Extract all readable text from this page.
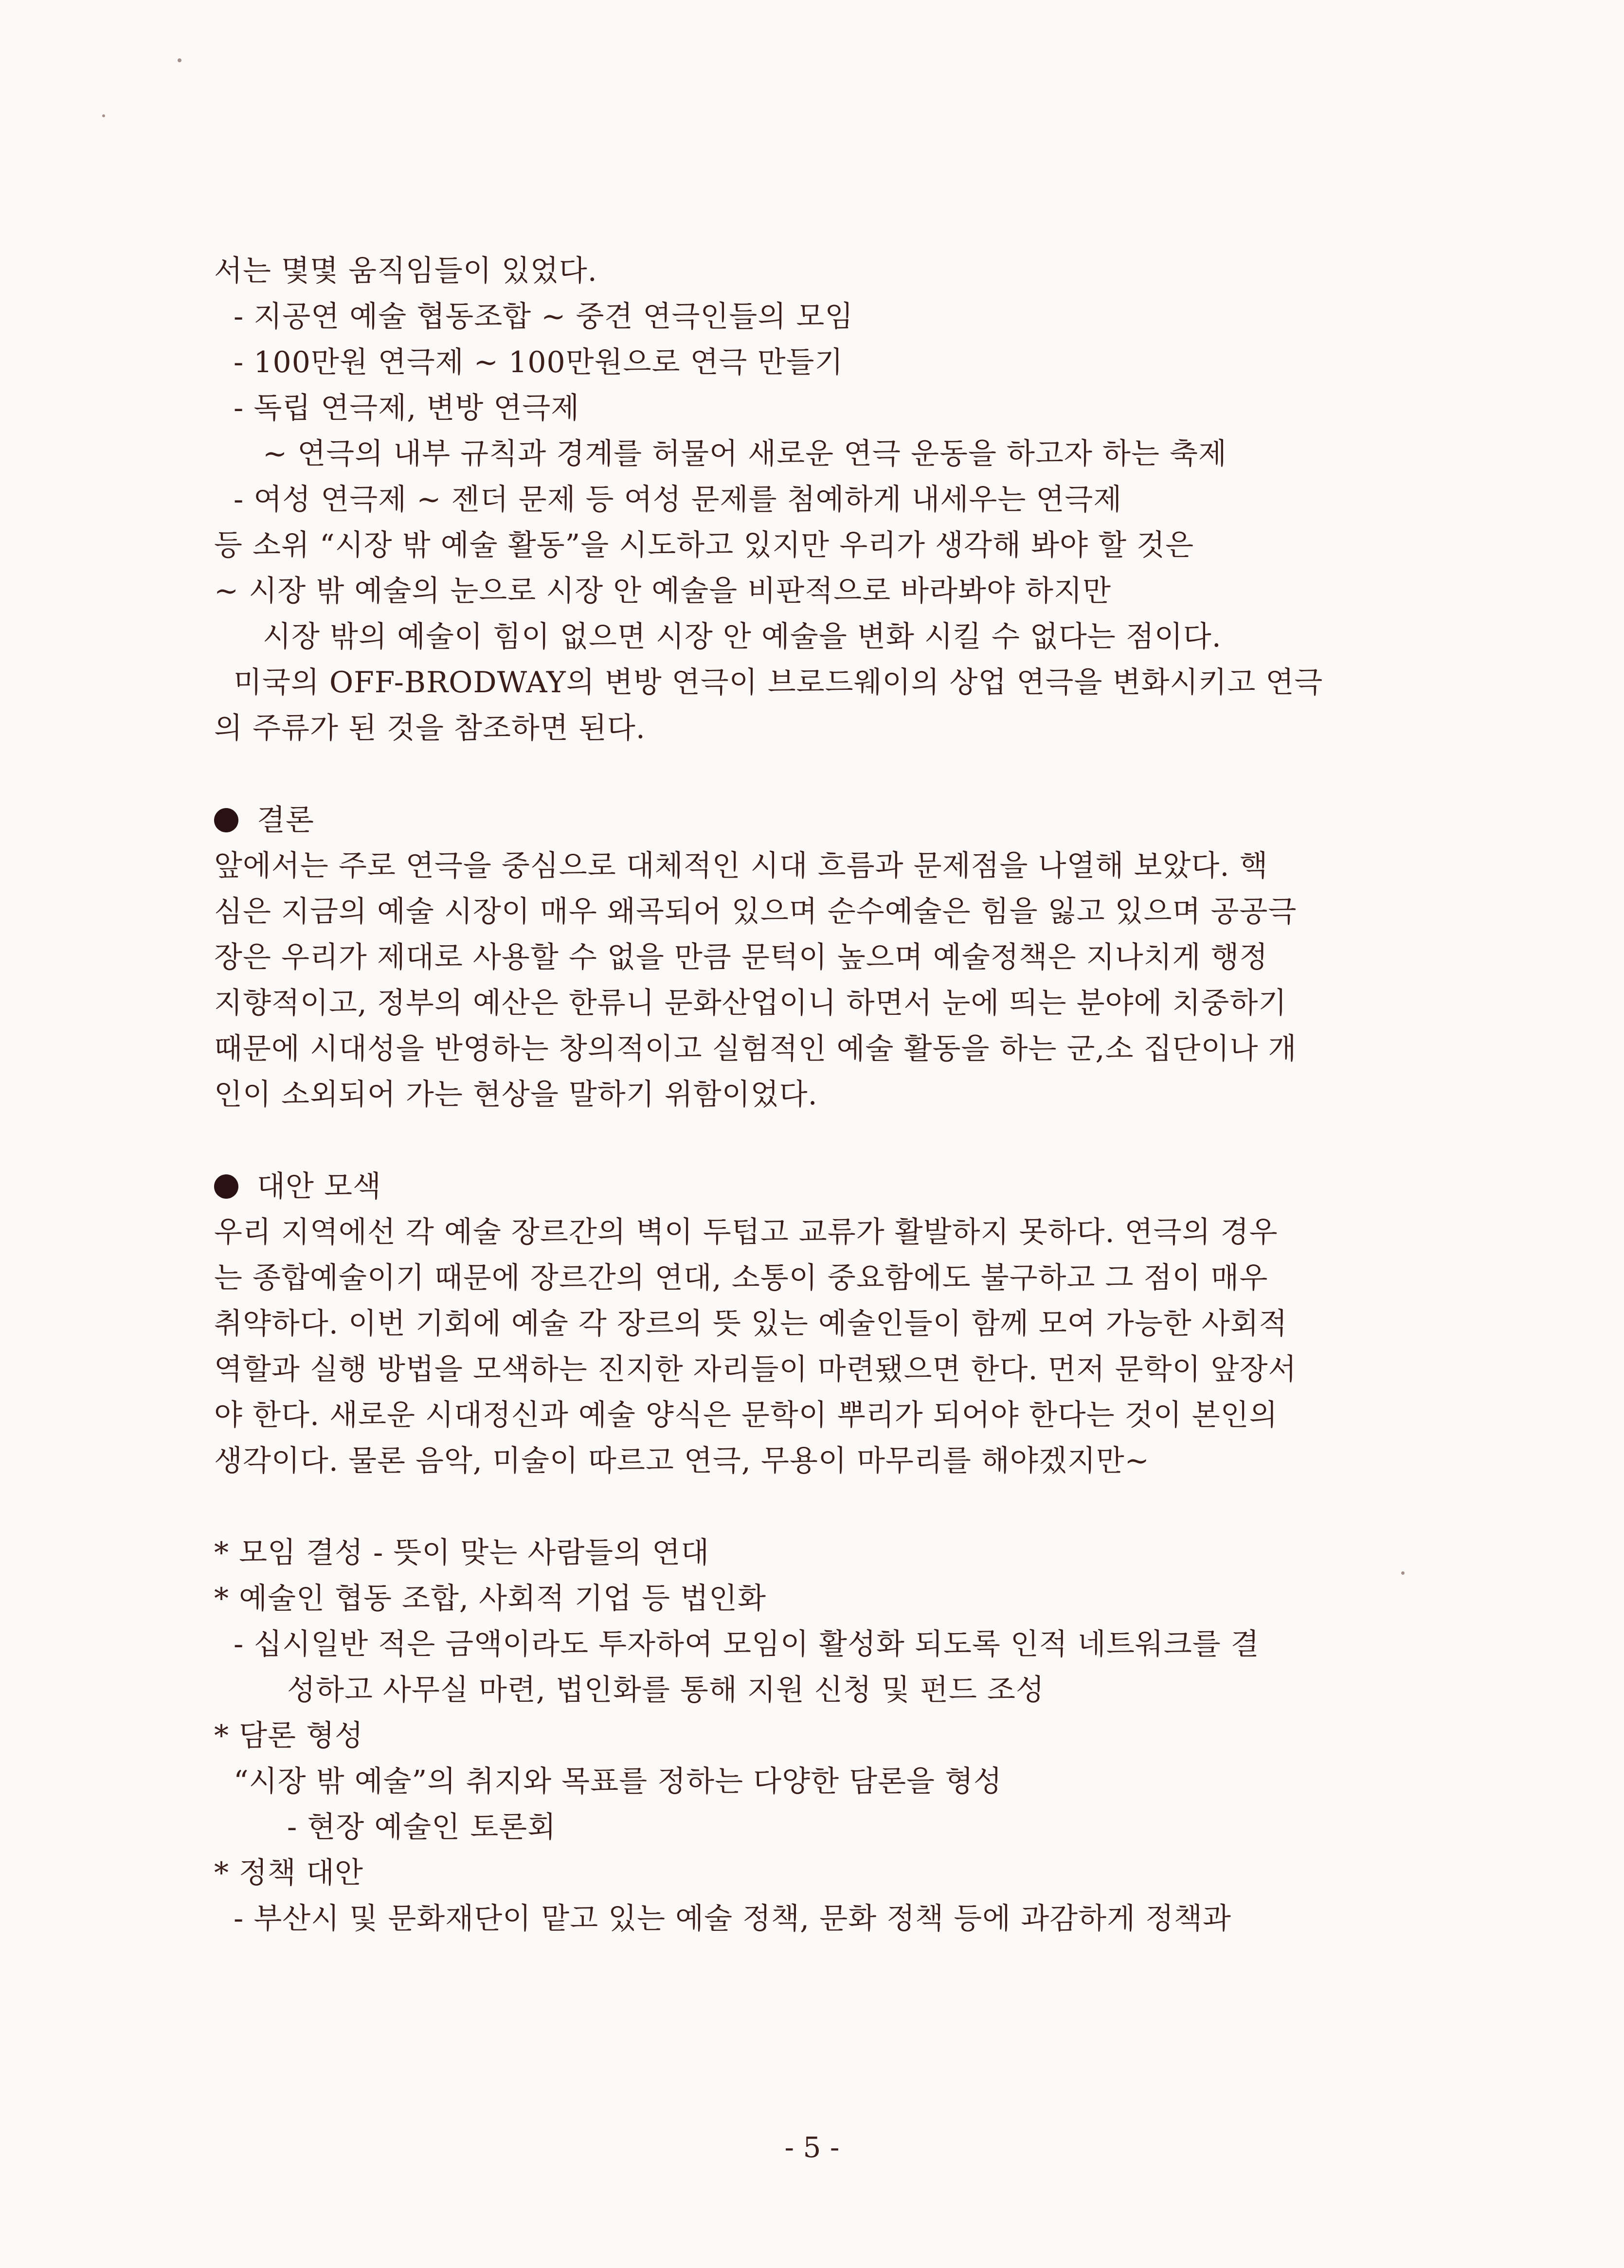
서는 몇몇 움직임들이 있었다.
- 지공연 예술 협동조합 ~ 중견 연극인들의 모임
- 100만원 연극제 ~ 100만원으로 연극 만들기
- 독립 연극제, 변방 연극제
~ 연극의 내부 규칙과 경계를 허물어 새로운 연극 운동을 하고자 하는 축제
- 여성 연극제 ~ 젠더 문제 등 여성 문제를 첨예하게 내세우는 연극제
등 소위 “시장 밖 예술 활동”을 시도하고 있지만 우리가 생각해 봐야 할 것은
~ 시장 밖 예술의 눈으로 시장 안 예술을 비판적으로 바라봐야 하지만
시장 밖의 예술이 힘이 없으면 시장 안 예술을 변화 시킬 수 없다는 점이다.
미국의 OFF-BRODWAY의 변방 연극이 브로드웨이의 상업 연극을 변화시키고 연극
의 주류가 된 것을 참조하면 된다.
결론
앞에서는 주로 연극을 중심으로 대체적인 시대 흐름과 문제점을 나열해 보았다. 핵
심은 지금의 예술 시장이 매우 왜곡되어 있으며 순수예술은 힘을 잃고 있으며 공공극
장은 우리가 제대로 사용할 수 없을 만큼 문턱이 높으며 예술정책은 지나치게 행정
지향적이고, 정부의 예산은 한류니 문화산업이니 하면서 눈에 띄는 분야에 치중하기
때문에 시대성을 반영하는 창의적이고 실험적인 예술 활동을 하는 군,소 집단이나 개
인이 소외되어 가는 현상을 말하기 위함이었다.
대안 모색
우리 지역에선 각 예술 장르간의 벽이 두텁고 교류가 활발하지 못하다. 연극의 경우
는 종합예술이기 때문에 장르간의 연대, 소통이 중요함에도 불구하고 그 점이 매우
취약하다. 이번 기회에 예술 각 장르의 뜻 있는 예술인들이 함께 모여 가능한 사회적
역할과 실행 방법을 모색하는 진지한 자리들이 마련됐으면 한다. 먼저 문학이 앞장서
야 한다. 새로운 시대정신과 예술 양식은 문학이 뿌리가 되어야 한다는 것이 본인의
생각이다. 물론 음악, 미술이 따르고 연극, 무용이 마무리를 해야겠지만~
* 모임 결성 - 뜻이 맞는 사람들의 연대
* 예술인 협동 조합, 사회적 기업 등 법인화
- 십시일반 적은 금액이라도 투자하여 모임이 활성화 되도록 인적 네트워크를 결
성하고 사무실 마련, 법인화를 통해 지원 신청 및 펀드 조성
* 담론 형성
“시장 밖 예술”의 취지와 목표를 정하는 다양한 담론을 형성
- 현장 예술인 토론회
* 정책 대안
- 부산시 및 문화재단이 맡고 있는 예술 정책, 문화 정책 등에 과감하게 정책과
- 5 -
